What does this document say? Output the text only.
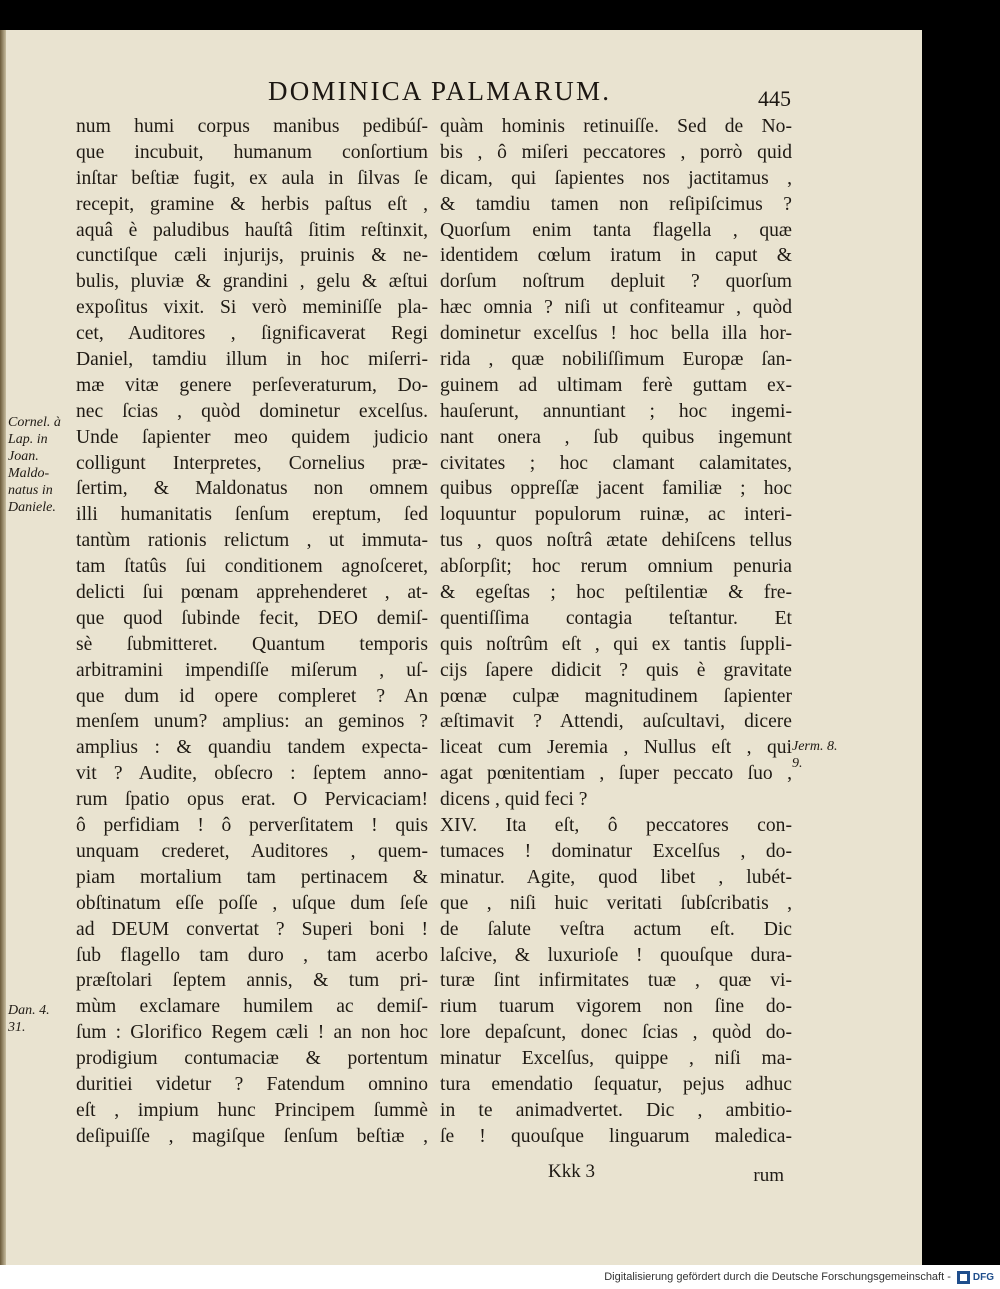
DOMINICA PALMARUM.	445
num humi corpus manibus pedibúſ-
que incubuit, humanum conſortium
inſtar beſtiæ fugit, ex aula in ſilvas ſe
recepit, gramine & herbis paſtus eſt ,
aquâ è paludibus hauſtâ ſitim reſtinxit,
cunctiſque cæli injurijs, pruinis & ne-
bulis, pluviæ & grandini , gelu & æſtui
expoſitus vixit. Si verò meminiſſe pla-
cet, Auditores , ſignificaverat Regi
Daniel, tamdiu illum in hoc miſerri-
mæ vitæ genere perſeveraturum, Do-
nec ſcias , quòd dominetur excelſus.
Unde ſapienter meo quidem judicio
colligunt Interpretes, Cornelius præ-
ſertim, & Maldonatus non omnem
illi humanitatis ſenſum ereptum, ſed
tantùm rationis relictum , ut immuta-
tam ſtatûs ſui conditionem agnoſceret,
delicti ſui pœnam apprehenderet , at-
que quod ſubinde fecit, DEO demiſ-
sè ſubmitteret. Quantum temporis
arbitramini impendiſſe miſerum , uſ-
que dum id opere compleret ? An
menſem unum? amplius: an geminos ?
amplius : & quandiu tandem expecta-
vit ? Audite, obſecro : ſeptem anno-
rum ſpatio opus erat. O Pervicaciam!
ô perfidiam ! ô perverſitatem ! quis
unquam crederet, Auditores , quem-
piam mortalium tam pertinacem &
obſtinatum eſſe poſſe , uſque dum ſeſe
ad DEUM convertat ? Superi boni !
ſub flagello tam duro , tam acerbo
præſtolari ſeptem annis, & tum pri-
mùm exclamare humilem ac demiſ-
ſum : Glorifico Regem cæli ! an non hoc
prodigium contumaciæ & portentum
duritiei videtur ? Fatendum omnino
eſt , impium hunc Principem ſummè
deſipuiſſe , magiſque ſenſum beſtiæ ,
quàm hominis retinuiſſe. Sed de No-
bis , ô miſeri peccatores , porrò quid
dicam, qui ſapientes nos jactitamus ,
& tamdiu tamen non reſipiſcimus ?
Quorſum enim tanta flagella , quæ
identidem cœlum iratum in caput &
dorſum noſtrum depluit ? quorſum
hæc omnia ? niſi ut confiteamur , quòd
dominetur excelſus ! hoc bella illa hor-
rida , quæ nobiliſſimum Europæ ſan-
guinem ad ultimam ferè guttam ex-
hauſerunt, annuntiant ; hoc ingemi-
nant onera , ſub quibus ingemunt
civitates ; hoc clamant calamitates,
quibus oppreſſæ jacent familiæ ; hoc
loquuntur populorum ruinæ, ac interi-
tus , quos noſtrâ ætate dehiſcens tellus
abſorpſit; hoc rerum omnium penuria
& egeſtas ; hoc peſtilentiæ & fre-
quentiſſima contagia teſtantur. Et
quis noſtrûm eſt , qui ex tantis ſuppli-
cijs ſapere didicit ? quis è gravitate
pœnæ culpæ magnitudinem ſapienter
æſtimavit ? Attendi, auſcultavi, dicere
liceat cum Jeremia , Nullus eſt , qui
agat pœnitentiam , ſuper peccato ſuo ,
dicens , quid feci ?
XIV. Ita eſt, ô peccatores con-
tumaces ! dominatur Excelſus , do-
minatur. Agite, quod libet , lubét-
que , niſi huic veritati ſubſcribatis ,
de ſalute veſtra actum eſt. Dic
laſcive, & luxurioſe ! quouſque dura-
turæ ſint infirmitates tuæ , quæ vi-
rium tuarum vigorem non ſine do-
lore depaſcunt, donec ſcias , quòd do-
minatur Excelſus, quippe , niſi ma-
tura emendatio ſequatur, pejus adhuc
in te animadvertet. Dic , ambitio-
ſe ! quouſque linguarum maledica-
Cornel. à
Lap. in
Joan.
Maldo-
natus in
Daniele.
Dan. 4.
31.
Jerm. 8.
9.
Kkk 3	rum
Digitalisierung gefördert durch die Deutsche Forschungsgemeinschaft - DFG
